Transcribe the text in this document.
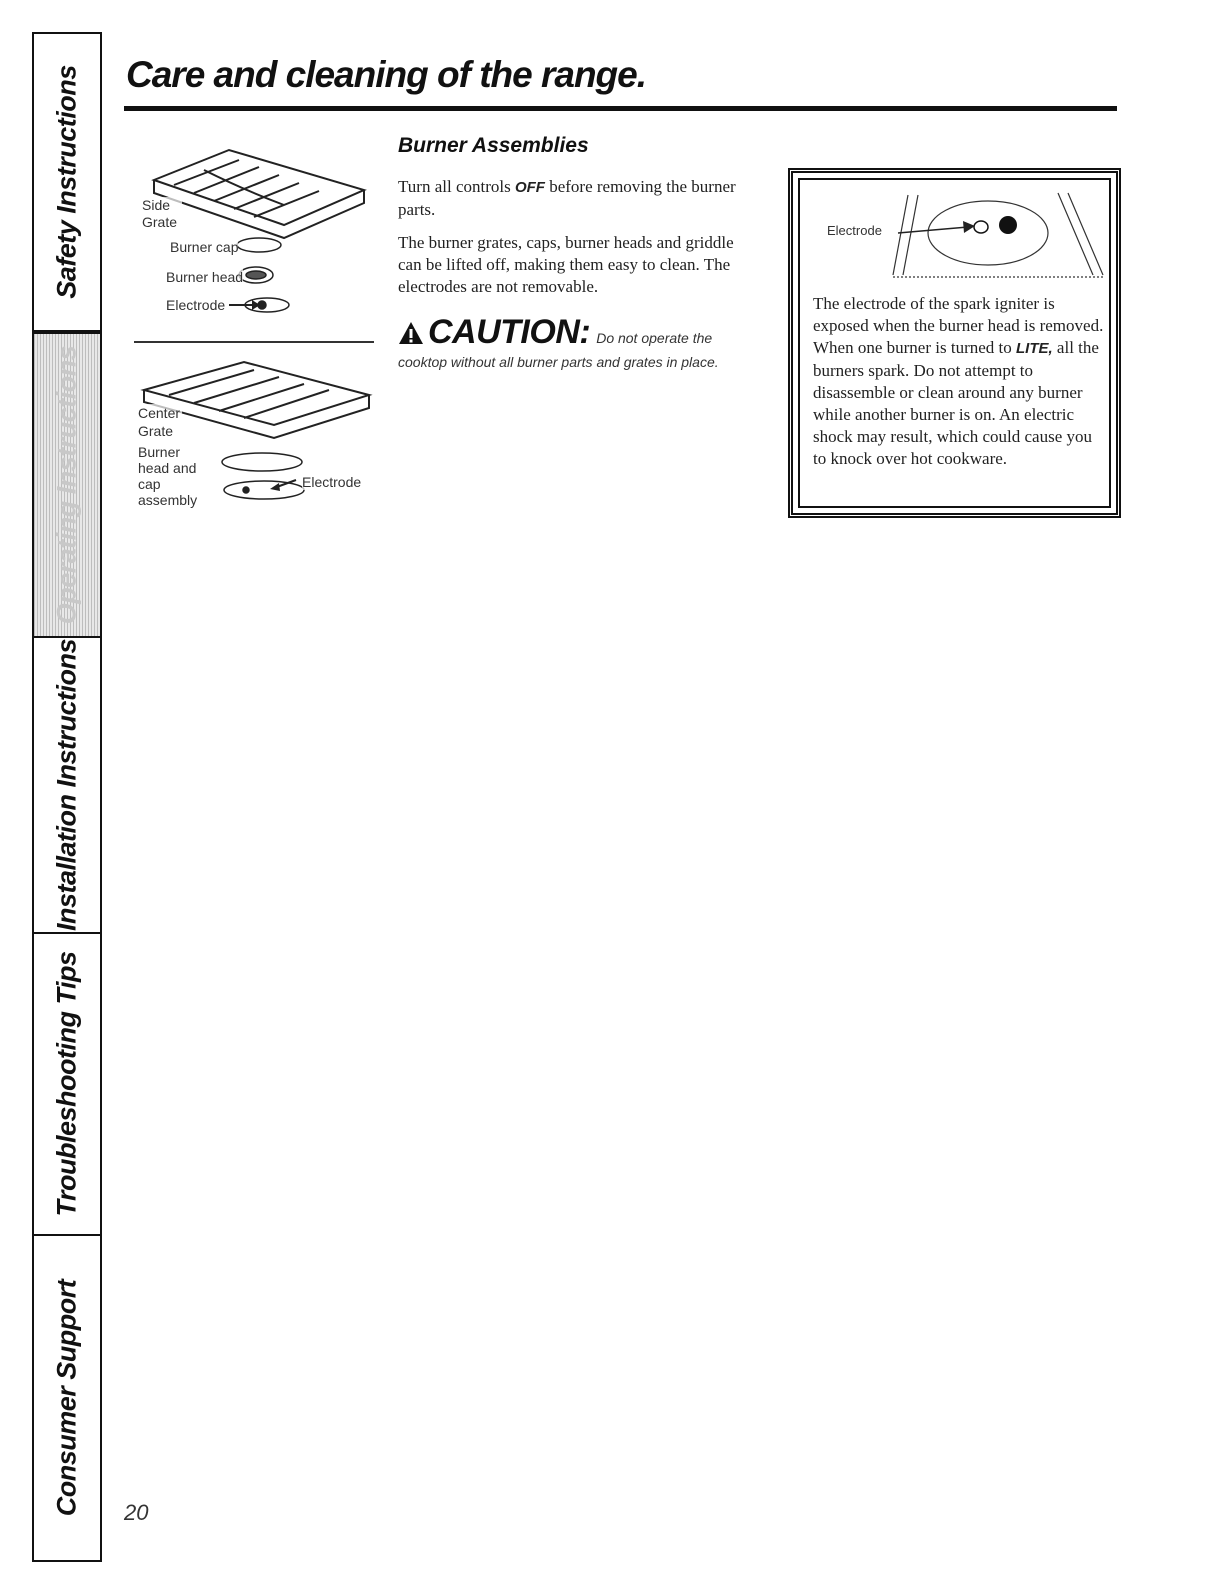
Safety Instructions
Operating Instructions
Installation Instructions
Troubleshooting Tips
Consumer Support
Care and cleaning of the range.
Side Grate
Burner cap
Burner head
Electrode
Center Grate
Burner head and cap assembly
Electrode
Burner Assemblies

Turn all controls OFF before removing the burner parts.

The burner grates, caps, burner heads and griddle can be lifted off, making them easy to clean. The electrodes are not removable.

CAUTION: Do not operate the
cooktop without all burner parts and grates in place.
Electrode

The electrode of the spark igniter is exposed when the burner head is removed. When one burner is turned to LITE, all the burners spark. Do not attempt to disassemble or clean around any burner while another burner is on. An electric shock may result, which could cause you to knock over hot cookware.

20
